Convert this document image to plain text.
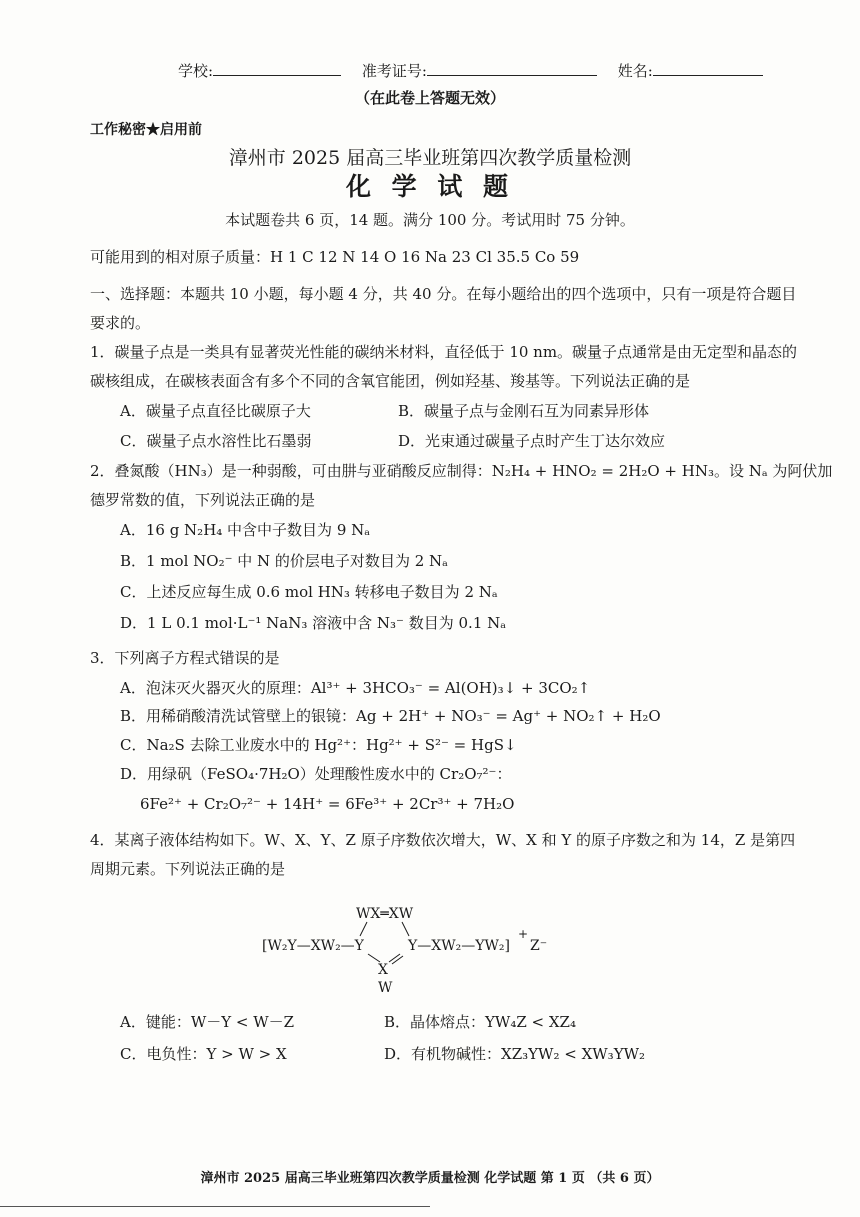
学校:	准考证号:	姓名:
（在此卷上答题无效）
工作秘密★启用前
漳州市 2025 届高三毕业班第四次教学质量检测
化 学 试 题
本试题卷共 6 页，14 题。满分 100 分。考试用时 75 分钟。
可能用到的相对原子质量：H 1 C 12 N 14 O 16 Na 23 Cl 35.5 Co 59
一、选择题：本题共 10 小题，每小题 4 分，共 40 分。在每小题给出的四个选项中，只有一项是符合题目
要求的。
1．碳量子点是一类具有显著荧光性能的碳纳米材料，直径低于 10 nm。碳量子点通常是由无定型和晶态的
碳核组成，在碳核表面含有多个不同的含氧官能团，例如羟基、羧基等。下列说法正确的是
A．碳量子点直径比碳原子大	B．碳量子点与金刚石互为同素异形体
C．碳量子点水溶性比石墨弱	D．光束通过碳量子点时产生丁达尔效应
2．叠氮酸（HN₃）是一种弱酸，可由肼与亚硝酸反应制得：N₂H₄ + HNO₂ = 2H₂O + HN₃。设 Nₐ 为阿伏加
德罗常数的值，下列说法正确的是
A．16 g N₂H₄ 中含中子数目为 9 Nₐ
B．1 mol NO₂⁻ 中 N 的价层电子对数目为 2 Nₐ
C．上述反应每生成 0.6 mol HN₃ 转移电子数目为 2 Nₐ
D．1 L 0.1 mol·L⁻¹ NaN₃ 溶液中含 N₃⁻ 数目为 0.1 Nₐ
3．下列离子方程式错误的是
A．泡沫灭火器灭火的原理：Al³⁺ + 3HCO₃⁻ = Al(OH)₃↓ + 3CO₂↑
B．用稀硝酸清洗试管壁上的银镜：Ag + 2H⁺ + NO₃⁻ = Ag⁺ + NO₂↑ + H₂O
C．Na₂S 去除工业废水中的 Hg²⁺：Hg²⁺ + S²⁻ = HgS↓
D．用绿矾（FeSO₄·7H₂O）处理酸性废水中的 Cr₂O₇²⁻：
6Fe²⁺ + Cr₂O₇²⁻ + 14H⁺ = 6Fe³⁺ + 2Cr³⁺ + 7H₂O
4．某离子液体结构如下。W、X、Y、Z 原子序数依次增大，W、X 和 Y 的原子序数之和为 14，Z 是第四
周期元素。下列说法正确的是
WX═XW
[W₂Y—XW₂—Y	Y—XW₂—YW₂]
+
Z⁻
X
W
A．键能：W－Y < W－Z	B．晶体熔点：YW₄Z < XZ₄
C．电负性：Y > W > X	D．有机物碱性：XZ₃YW₂ < XW₃YW₂
漳州市 2025 届高三毕业班第四次教学质量检测 化学试题 第 1 页 （共 6 页）
